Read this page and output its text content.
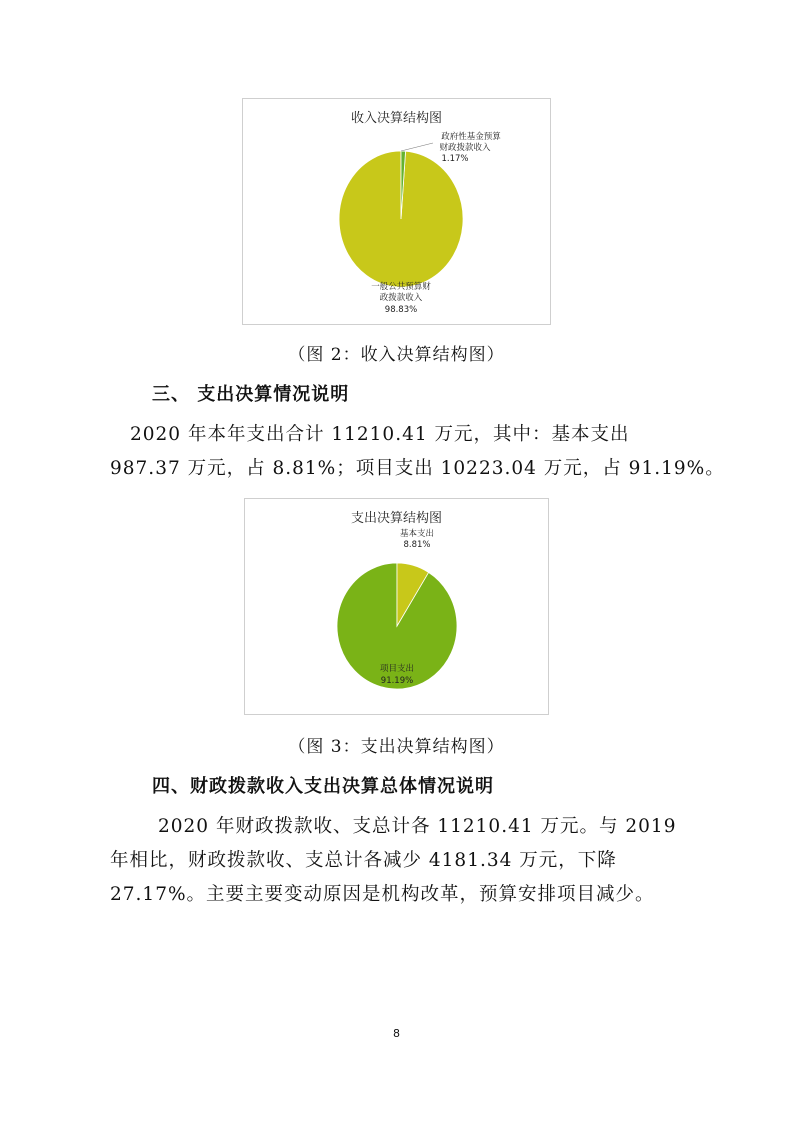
收入决算结构图
政府性基金预算
财政拨款收入
1.17%
一般公共预算财
政拨款收入
98.83%
（图 2：收入决算结构图）
三、 支出决算情况说明
2020 年本年支出合计 11210.41 万元，其中：基本支出
987.37 万元，占 8.81%；项目支出 10223.04 万元，占 91.19%。
支出决算结构图
基本支出
8.81%
项目支出
91.19%
（图 3：支出决算结构图）
四、财政拨款收入支出决算总体情况说明
2020 年财政拨款收、支总计各 11210.41 万元。与 2019
年相比，财政拨款收、支总计各减少 4181.34 万元，下降
27.17%。主要主要变动原因是机构改革，预算安排项目减少。
8
